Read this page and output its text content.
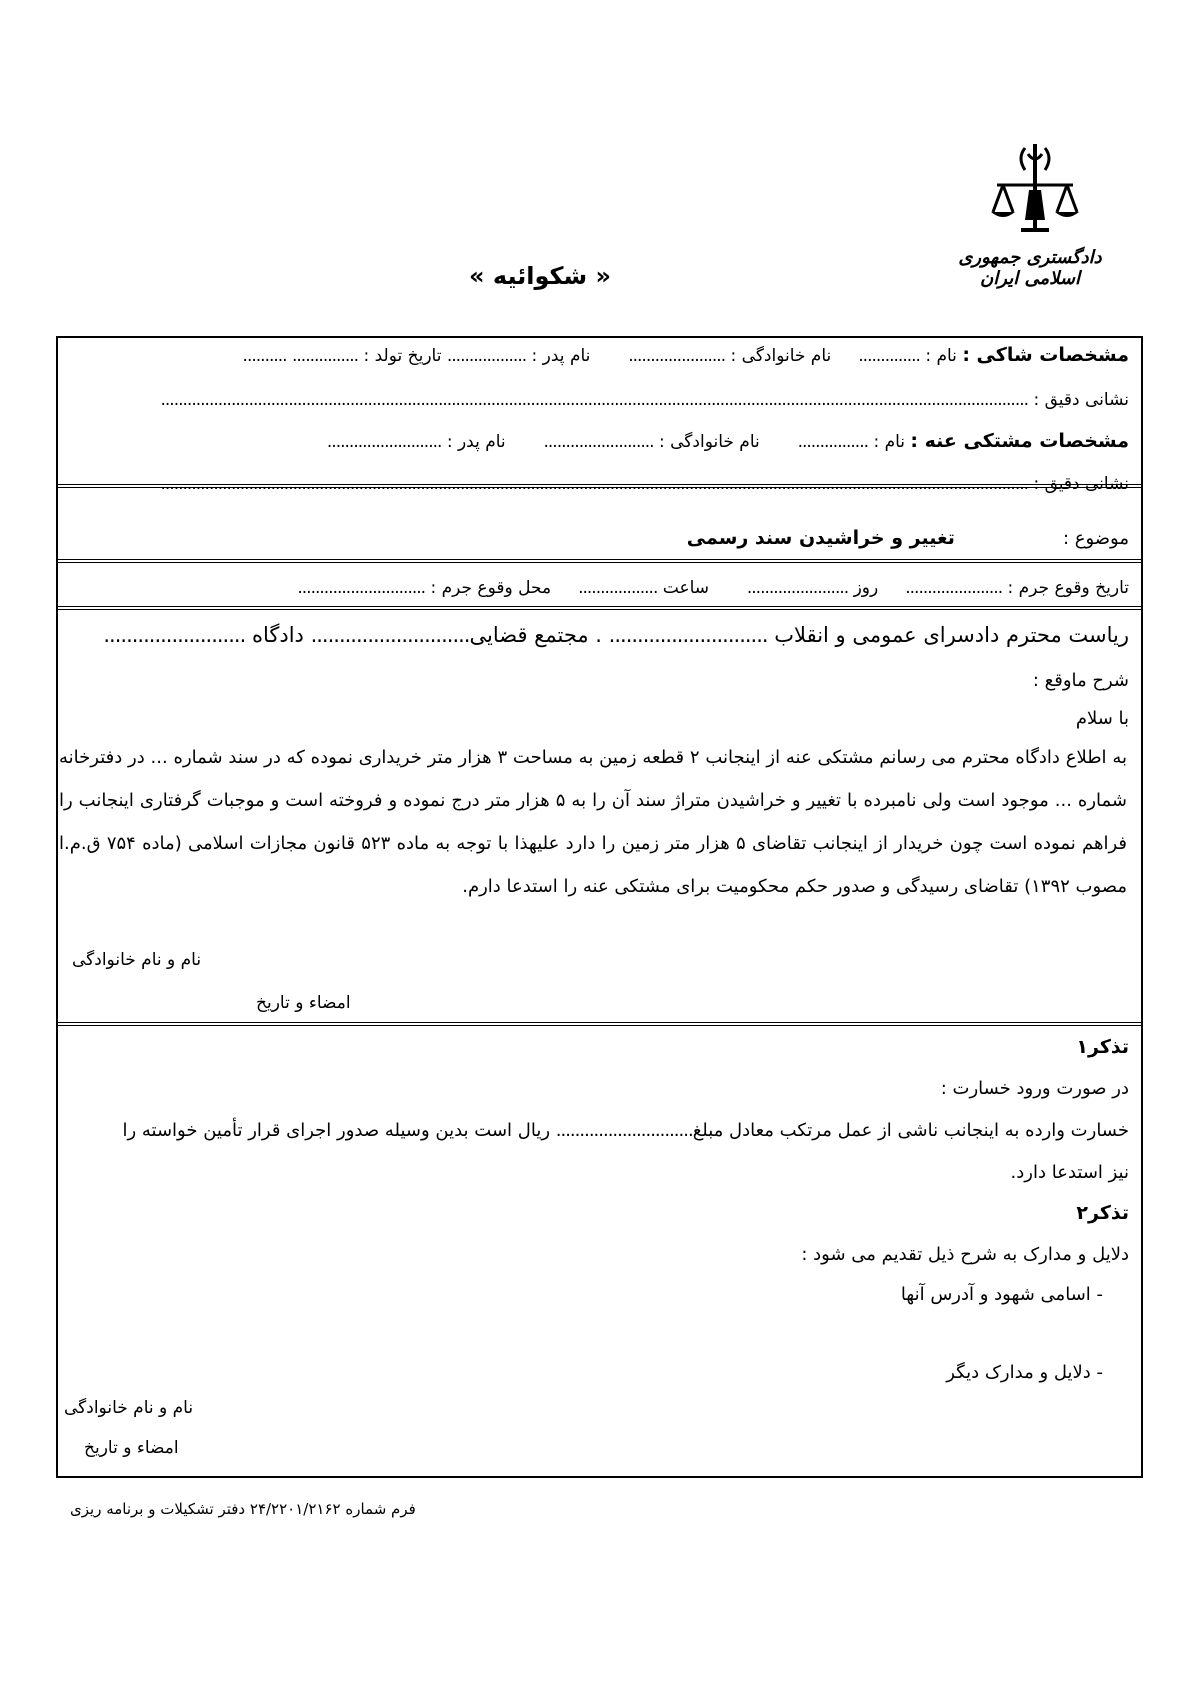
دادگستری جمهوری اسلامی ایران
« شکوائیه »
مشخصات شاکی : نام : ..............     نام خانوادگی : ......................       نام پدر : .................. تاریخ تولد : ............... ..........
نشانی دقیق : .....................................................................................................................................................................................................
مشخصات مشتکی عنه : نام : ................       نام خانوادگی : .........................       نام پدر : ..........................
نشانی دقیق : .....................................................................................................................................................................................................
موضوع :                    تغییر و خراشیدن سند رسمی
تاریخ وقوع جرم : ......................     روز .......................       ساعت ..................     محل وقوع جرم : .............................
ریاست محترم دادسرای عمومی و انقلاب ............................ . مجتمع قضایی............................ دادگاه .........................
شرح ماوقع :
با سلام
به اطلاع دادگاه محترم می رسانم مشتکی عنه از اینجانب ۲ قطعه زمین به مساحت ۳ هزار متر خریداری نموده که در سند شماره ... در دفترخانه
شماره ... موجود است ولی نامبرده با تغییر و خراشیدن متراژ سند آن را به ۵ هزار متر درج نموده و فروخته است و موجبات گرفتاری اینجانب را
فراهم نموده است چون خریدار از اینجانب تقاضای ۵ هزار متر زمین را دارد علیهذا با توجه به ماده ۵۲۳ قانون مجازات اسلامی (ماده ۷۵۴ ق.م.ا
مصوب ۱۳۹۲) تقاضای رسیدگی و صدور حکم محکومیت برای مشتکی عنه را استدعا دارم.
نام و نام خانوادگی
امضاء و تاریخ
تذکر۱
در صورت ورود خسارت :
خسارت وارده به اینجانب ناشی از عمل مرتکب معادل مبلغ............................. ریال است بدین وسیله صدور اجرای قرار تأمین خواسته را
نیز استدعا دارد.
تذکر۲
دلایل و مدارک به شرح ذیل تقدیم می شود :
- اسامی شهود و آدرس آنها
- دلایل و مدارک دیگر
نام و نام خانوادگی
امضاء و تاریخ
فرم شماره ۲۴/۲۲۰۱/۲۱۶۲ دفتر تشکیلات و برنامه ریزی
